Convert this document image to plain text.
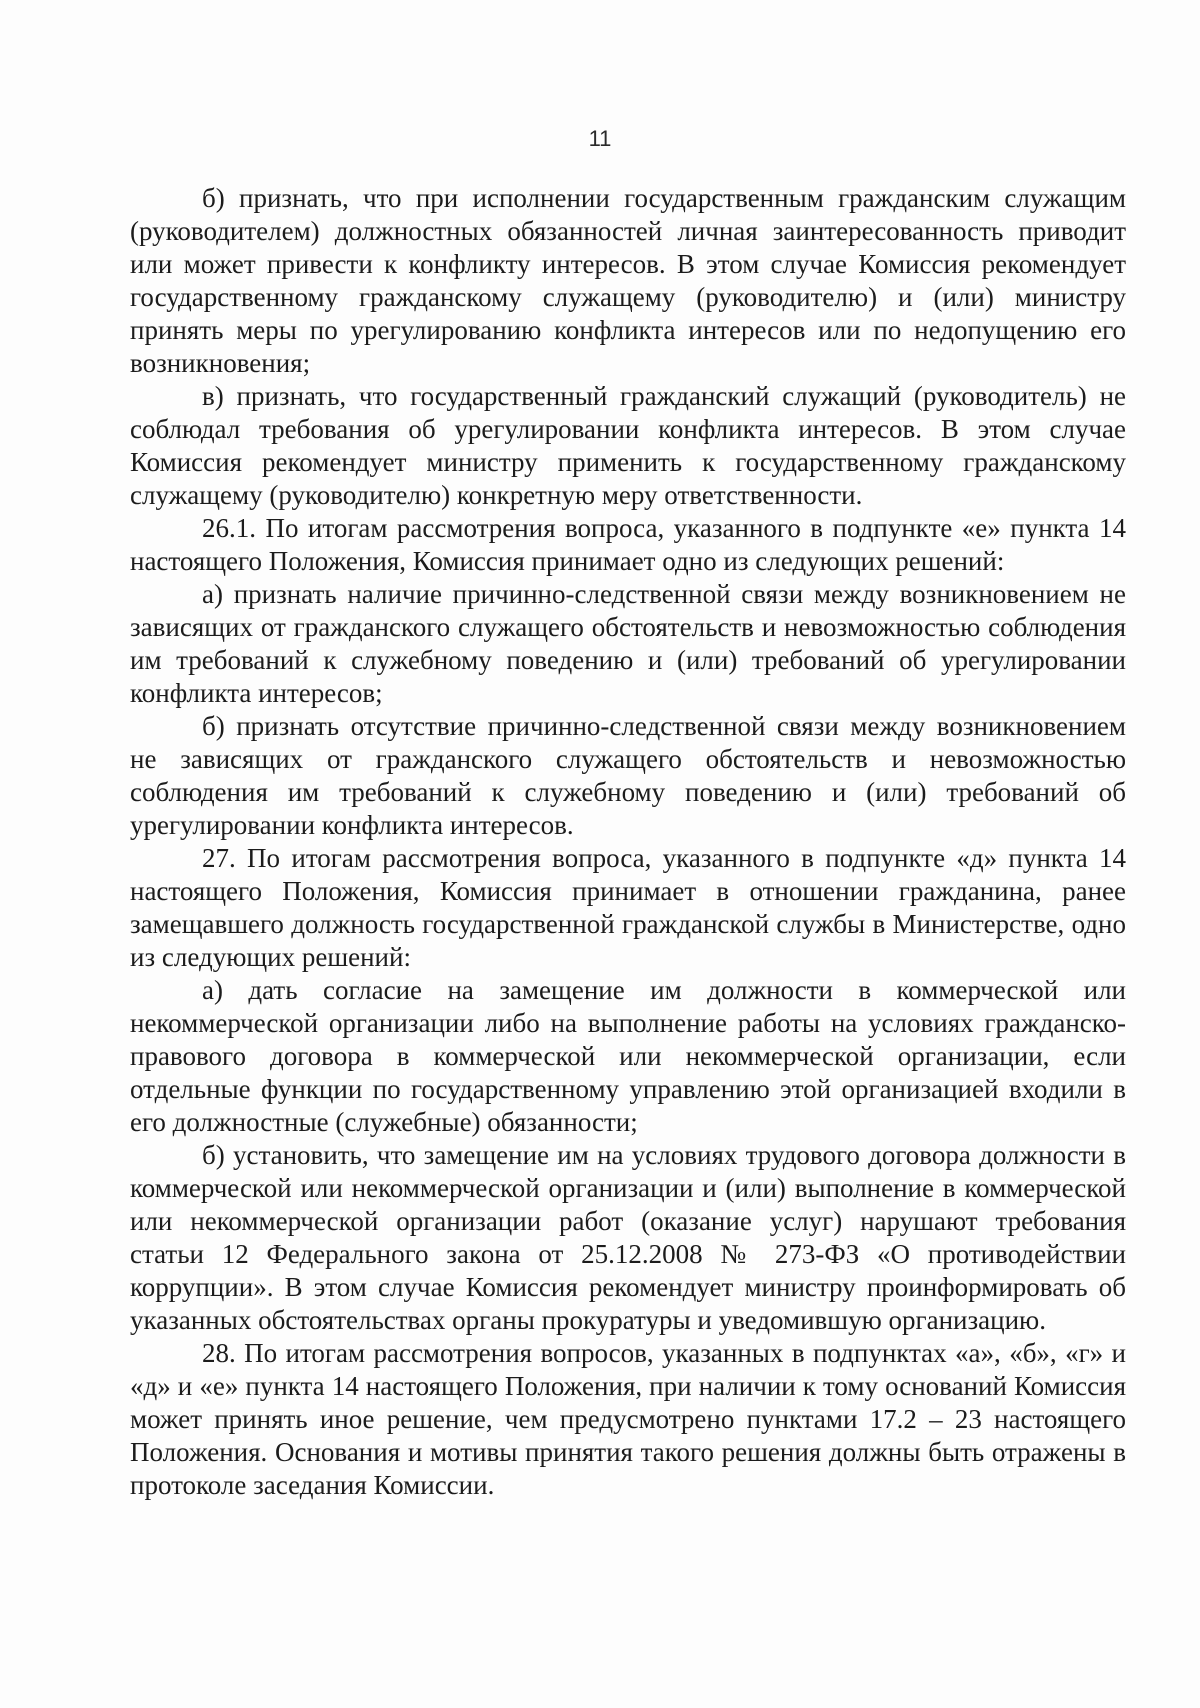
11

б) признать, что при исполнении государственным гражданским служащим (руководителем) должностных обязанностей личная заинтересованность приводит или может привести к конфликту интересов. В этом случае Комиссия рекомендует государственному гражданскому служащему (руководителю) и (или) министру принять меры по урегулированию конфликта интересов или по недопущению его возникновения;

в) признать, что государственный гражданский служащий (руководитель) не соблюдал требования об урегулировании конфликта интересов. В этом случае Комиссия рекомендует министру применить к государственному гражданскому служащему (руководителю) конкретную меру ответственности.

26.1. По итогам рассмотрения вопроса, указанного в подпункте «е» пункта 14 настоящего Положения, Комиссия принимает одно из следующих решений:

а) признать наличие причинно-следственной связи между возникновением не зависящих от гражданского служащего обстоятельств и невозможностью соблюдения им требований к служебному поведению и (или) требований об урегулировании конфликта интересов;

б) признать отсутствие причинно-следственной связи между возникновением не зависящих от гражданского служащего обстоятельств и невозможностью соблюдения им требований к служебному поведению и (или) требований об урегулировании конфликта интересов.

27. По итогам рассмотрения вопроса, указанного в подпункте «д» пункта 14 настоящего Положения, Комиссия принимает в отношении гражданина, ранее замещавшего должность государственной гражданской службы в Министерстве, одно из следующих решений:

а) дать согласие на замещение им должности в коммерческой или некоммерческой организации либо на выполнение работы на условиях гражданско-правового договора в коммерческой или некоммерческой организации, если отдельные функции по государственному управлению этой организацией входили в его должностные (служебные) обязанности;

б) установить, что замещение им на условиях трудового договора должности в коммерческой или некоммерческой организации и (или) выполнение в коммерческой или некоммерческой организации работ (оказание услуг) нарушают требования статьи 12 Федерального закона от 25.12.2008 № 273-ФЗ «О противодействии коррупции». В этом случае Комиссия рекомендует министру проинформировать об указанных обстоятельствах органы прокуратуры и уведомившую организацию.

28. По итогам рассмотрения вопросов, указанных в подпунктах «а», «б», «г» и «д» и «е» пункта 14 настоящего Положения, при наличии к тому оснований Комиссия может принять иное решение, чем предусмотрено пунктами 17.2 – 23 настоящего Положения. Основания и мотивы принятия такого решения должны быть отражены в протоколе заседания Комиссии.
